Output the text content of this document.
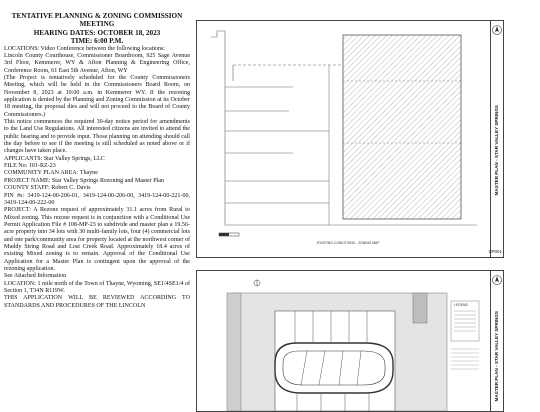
TENTATIVE PLANNING & ZONING COMMISSION MEETING
HEARING DATES: OCTOBER 18, 2023
TIME: 6:00 P.M.

LOCATIONS: Video Conference between the following locations:

Lincoln County Courthouse, Commissioner Boardroom, 925 Sage Avenue 3rd Floor, Kemmerer, WY & Afton Planning & Engineering Office, Conference Room, 61 East 5th Avenue, Afton, WY

(The Project is tentatively scheduled for the County Commissioners Meeting, which will be held in the Commissioners Board Room, on November 8, 2023 at 10:00 a.m. in Kemmerer WY. If the rezoning application is denied by the Planning and Zoning Commission at its October 18 meeting, the proposal dies and will not proceed to the Board of County Commissioners.)

This notice commences the required 30-day notice period for amendments to the Land Use Regulations. All interested citizens are invited to attend the public hearing and to provide input. Those planning on attending should call the day before to see if the meeting is still scheduled as noted above or if changes have taken place.

APPLICANTS: Star Valley Springs, LLC

FILE No: 101-RZ-23

COMMUNITY PLAN AREA: Thayne

PROJECT NAME: Star Valley Springs Rezoning and Master Plan

COUNTY STAFF: Robert C. Davis

PIN #s: 3419-124-00-206-01, 3419-124-00-206-00, 3419-124-00-221-00, 3419-124-00-222-00

PROJECT: A Rezone request of approximately 31.1 acres from Rural to Mixed zoning. This rezone request is in conjunction with a Conditional Use Permit Application File # 108-MP-23 to subdivide and master plan a 19.56-acre property into 34 lots with 30 multi-family lots, four (4) commercial lots and one park/community area for property located at the northwest corner of Muddy String Road and Lost Creek Road. Approximately 18.4 acres of existing Mixed zoning is to remain. Approval of the Conditional Use Application for a Master Plan is contingent upon the approval of the rezoning application.

See Attached Information

LOCATION: 1 mile north of the Town of Thayne, Wyoming, SE1/4SE1/4 of Section 1, T34N R119W.

THIS APPLICATION WILL BE REVIEWED ACCORDING TO STANDARDS AND PROCEDURES OF THE LINCOLN

EXISTING CONDITIONS - ZONING MAP
MASTER PLAN - STAR VALLEY SPRINGS
SP001
LEGEND
MASTER PLAN - STAR VALLEY SPRINGS
